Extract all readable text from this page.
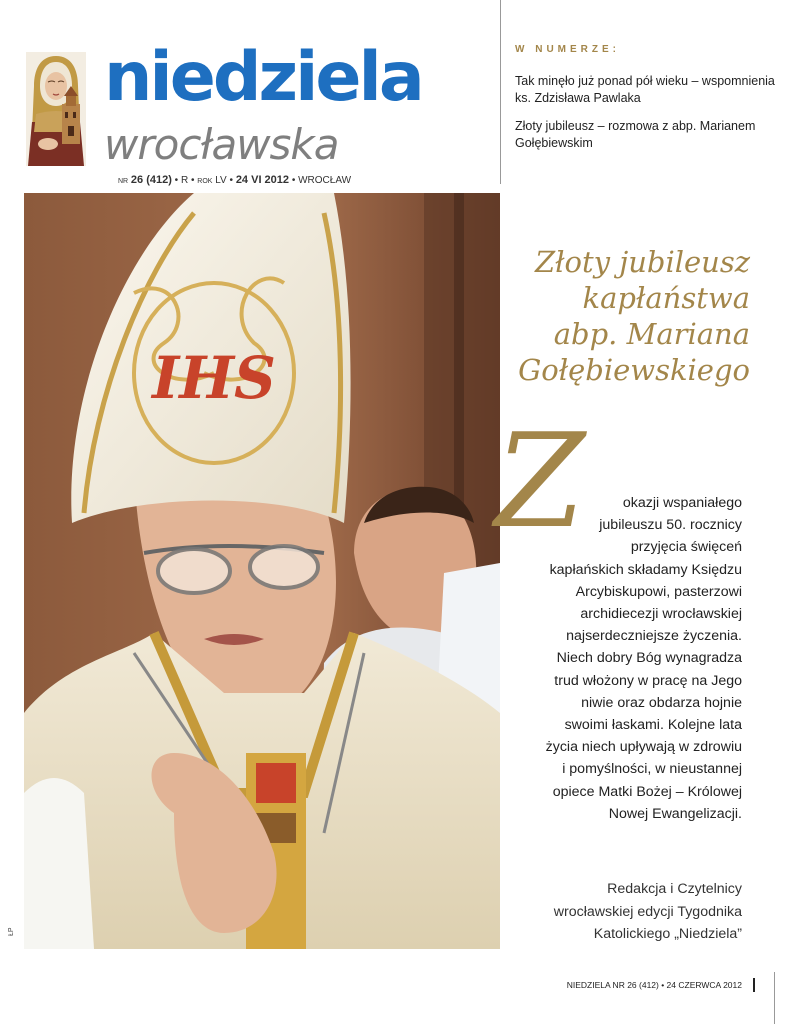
niedziela
wrocławska
NR 26 (412) • R • ROK LV • 24 VI 2012 • WROCŁAW
W NUMERZE:
Tak minęło już ponad pół wieku – wspomnienia ks. Zdzisława Pawlaka
Złoty jubileusz – rozmowa z abp. Marianem Gołębiewskim
IHS
ŁP
Złoty jubileusz
kapłaństwa
abp. Mariana
Gołębiewskiego
Z	okazji wspaniałego
jubileuszu 50. rocznicy
przyjęcia święceń
kapłańskich składamy Księdzu
Arcybiskupowi, pasterzowi
archidiecezji wrocławskiej
najserdeczniejsze życzenia.
Niech dobry Bóg wynagradza
trud włożony w pracę na Jego
niwie oraz obdarza hojnie
swoimi łaskami. Kolejne lata
życia niech upływają w zdrowiu
i pomyślności, w nieustannej
opiece Matki Bożej – Królowej
Nowej Ewangelizacji.
Redakcja i Czytelnicy
wrocławskiej edycji Tygodnika
Katolickiego „Niedziela”
NIEDZIELA NR 26 (412) • 24 CZERWCA 2012
